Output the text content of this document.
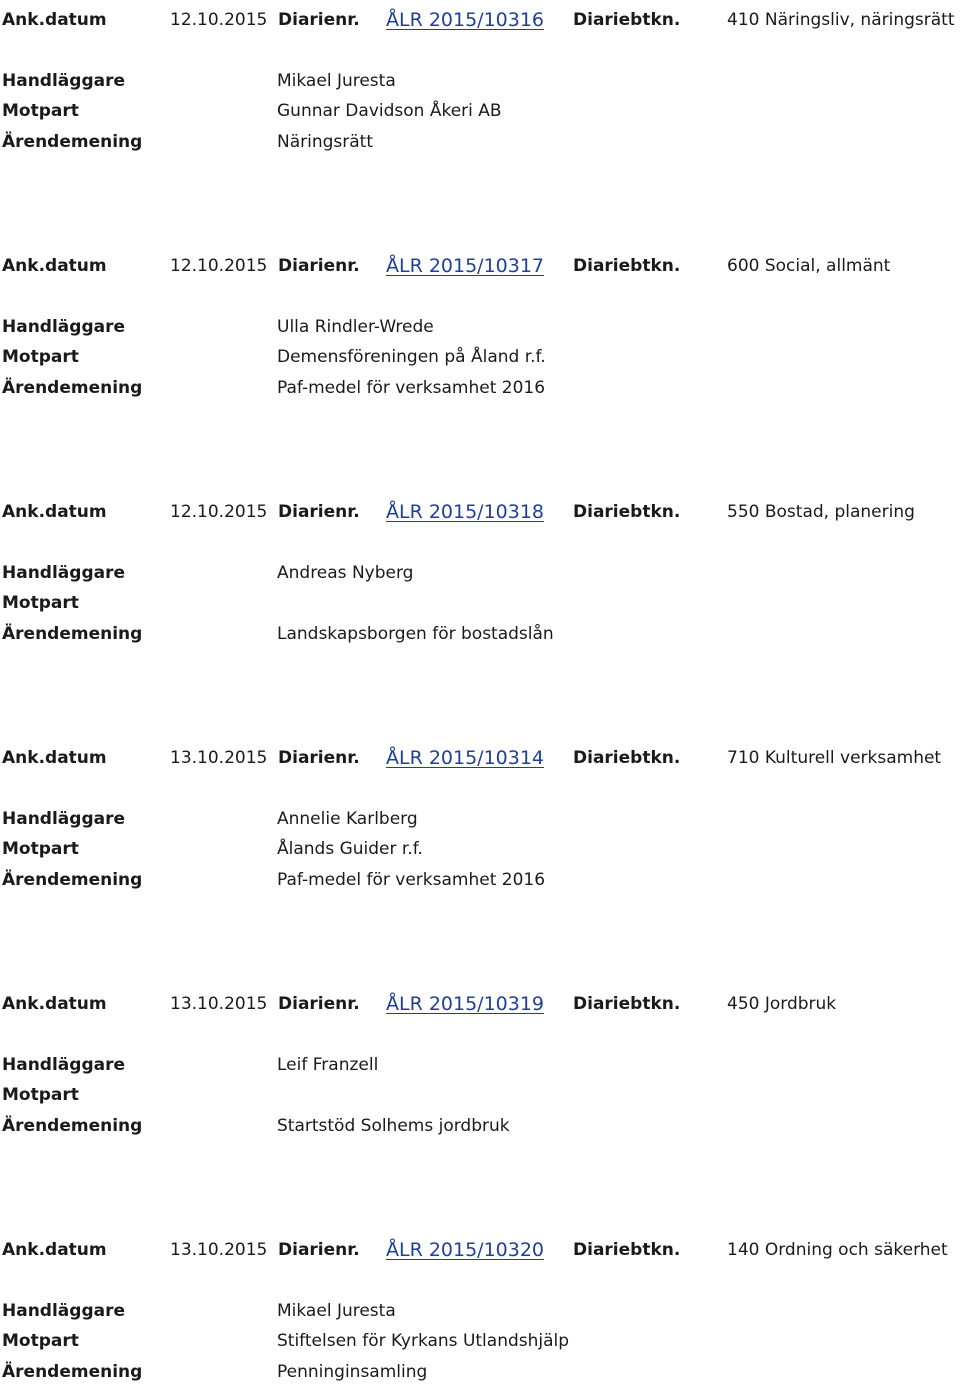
Ank.datum	12.10.2015 Diarienr. ÅLR 2015/10316 Diariebtkn.	410 Näringsliv, näringsrätt
Handläggare	Mikael Juresta
Motpart	Gunnar Davidson Åkeri AB
Ärendemening	Näringsrätt
Ank.datum	12.10.2015 Diarienr. ÅLR 2015/10317 Diariebtkn.	600 Social, allmänt
Handläggare	Ulla Rindler-Wrede
Motpart	Demensföreningen på Åland r.f.
Ärendemening	Paf-medel för verksamhet 2016
Ank.datum	12.10.2015 Diarienr. ÅLR 2015/10318 Diariebtkn.	550 Bostad, planering
Handläggare	Andreas Nyberg
Motpart
Ärendemening	Landskapsborgen för bostadslån
Ank.datum	13.10.2015 Diarienr. ÅLR 2015/10314 Diariebtkn.	710 Kulturell verksamhet
Handläggare	Annelie Karlberg
Motpart	Ålands Guider r.f.
Ärendemening	Paf-medel för verksamhet 2016
Ank.datum	13.10.2015 Diarienr. ÅLR 2015/10319 Diariebtkn.	450 Jordbruk
Handläggare	Leif Franzell
Motpart
Ärendemening	Startstöd Solhems jordbruk
Ank.datum	13.10.2015 Diarienr. ÅLR 2015/10320 Diariebtkn.	140 Ordning och säkerhet
Handläggare	Mikael Juresta
Motpart	Stiftelsen för Kyrkans Utlandshjälp
Ärendemening	Penninginsamling
